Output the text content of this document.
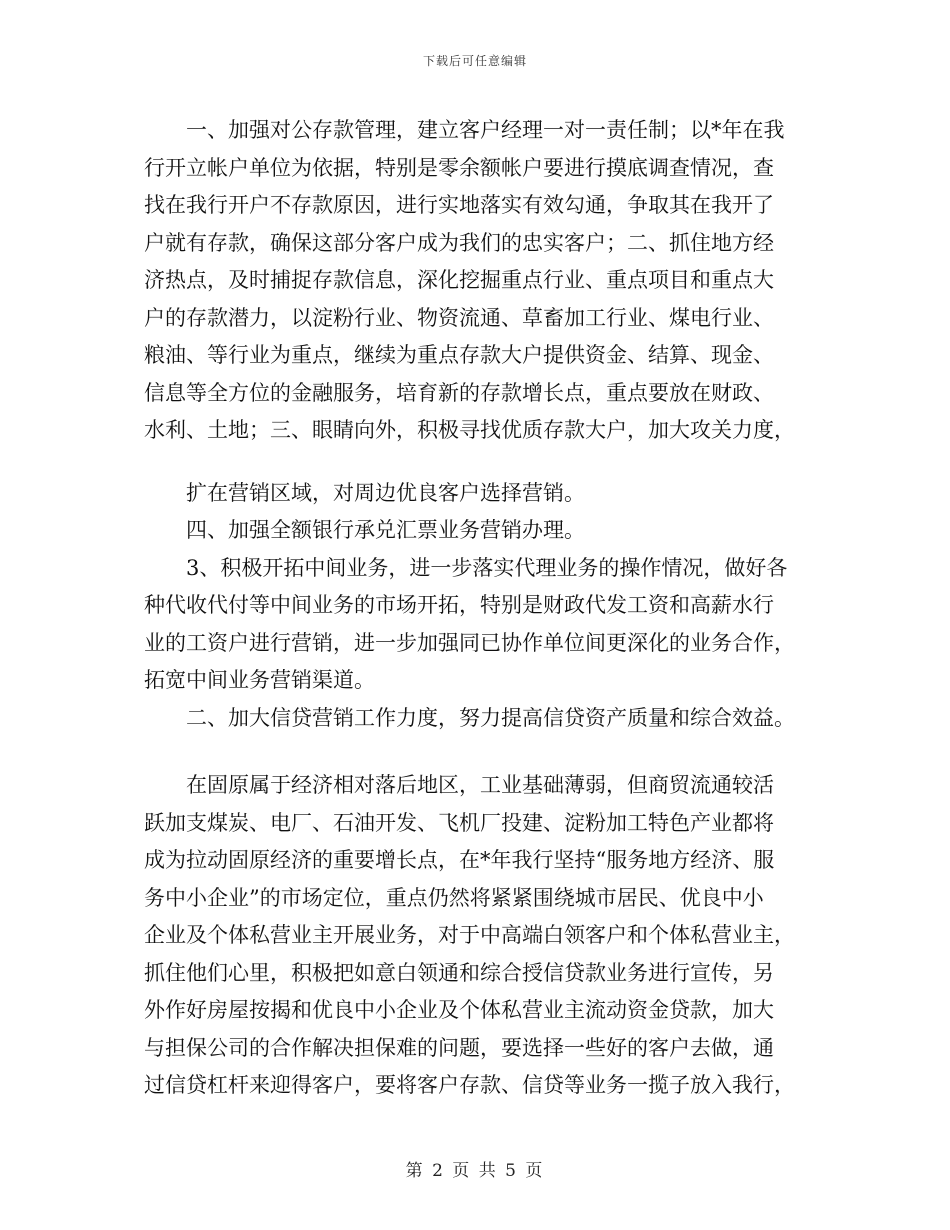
下载后可任意编辑

一、加强对公存款管理，建立客户经理一对一责任制；以*年在我
行开立帐户单位为依据，特别是零余额帐户要进行摸底调查情况，查
找在我行开户不存款原因，进行实地落实有效勾通，争取其在我开了
户就有存款，确保这部分客户成为我们的忠实客户；二、抓住地方经
济热点，及时捕捉存款信息，深化挖掘重点行业、重点项目和重点大
户的存款潜力，以淀粉行业、物资流通、草畜加工行业、煤电行业、
粮油、等行业为重点，继续为重点存款大户提供资金、结算、现金、
信息等全方位的金融服务，培育新的存款增长点，重点要放在财政、
水利、土地；三、眼睛向外，积极寻找优质存款大户，加大攻关力度，

扩在营销区域，对周边优良客户选择营销。

四、加强全额银行承兑汇票业务营销办理。

3、积极开拓中间业务，进一步落实代理业务的操作情况，做好各
种代收代付等中间业务的市场开拓，特别是财政代发工资和高薪水行
业的工资户进行营销，进一步加强同已协作单位间更深化的业务合作，
拓宽中间业务营销渠道。

二、加大信贷营销工作力度，努力提高信贷资产质量和综合效益。

在固原属于经济相对落后地区，工业基础薄弱，但商贸流通较活
跃加支煤炭、电厂、石油开发、飞机厂投建、淀粉加工特色产业都将
成为拉动固原经济的重要增长点，在*年我行坚持“服务地方经济、服
务中小企业”的市场定位，重点仍然将紧紧围绕城市居民、优良中小
企业及个体私营业主开展业务，对于中高端白领客户和个体私营业主，
抓住他们心里，积极把如意白领通和综合授信贷款业务进行宣传，另
外作好房屋按揭和优良中小企业及个体私营业主流动资金贷款，加大
与担保公司的合作解决担保难的问题，要选择一些好的客户去做，通
过信贷杠杆来迎得客户，要将客户存款、信贷等业务一揽子放入我行，

第 2 页 共 5 页
